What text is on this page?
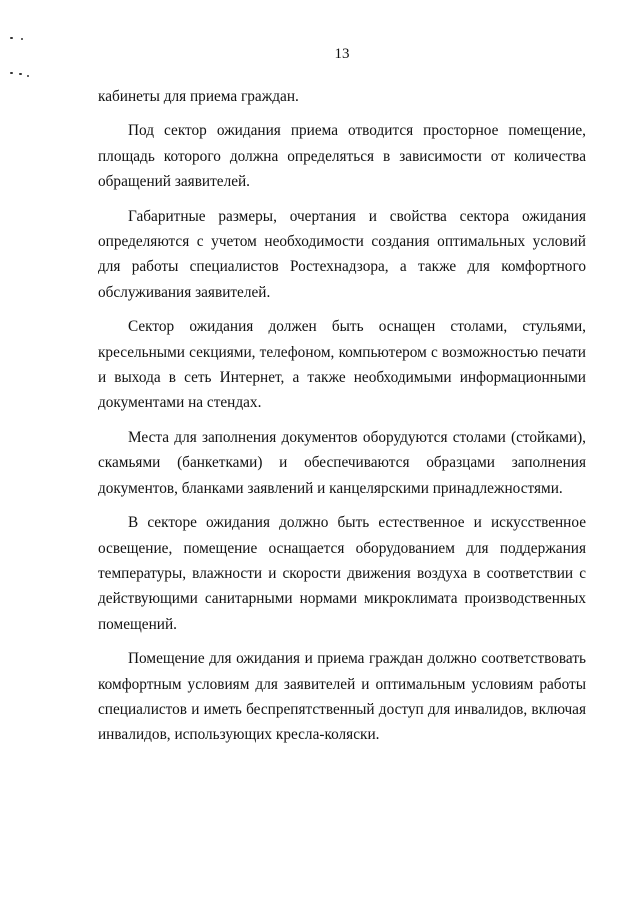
13

кабинеты для приема граждан.

Под сектор ожидания приема отводится просторное помещение, площадь которого должна определяться в зависимости от количества обращений заявителей.

Габаритные размеры, очертания и свойства сектора ожидания определяются с учетом необходимости создания оптимальных условий для работы специалистов Ростехнадзора, а также для комфортного обслуживания заявителей.

Сектор ожидания должен быть оснащен столами, стульями, кресельными секциями, телефоном, компьютером с возможностью печати и выхода в сеть Интернет, а также необходимыми информационными документами на стендах.

Места для заполнения документов оборудуются столами (стойками), скамьями (банкетками) и обеспечиваются образцами заполнения документов, бланками заявлений и канцелярскими принадлежностями.

В секторе ожидания должно быть естественное и искусственное освещение, помещение оснащается оборудованием для поддержания температуры, влажности и скорости движения воздуха в соответствии с действующими санитарными нормами микроклимата производственных помещений.

Помещение для ожидания и приема граждан должно соответствовать комфортным условиям для заявителей и оптимальным условиям работы специалистов и иметь беспрепятственный доступ для инвалидов, включая инвалидов, использующих кресла-коляски.
